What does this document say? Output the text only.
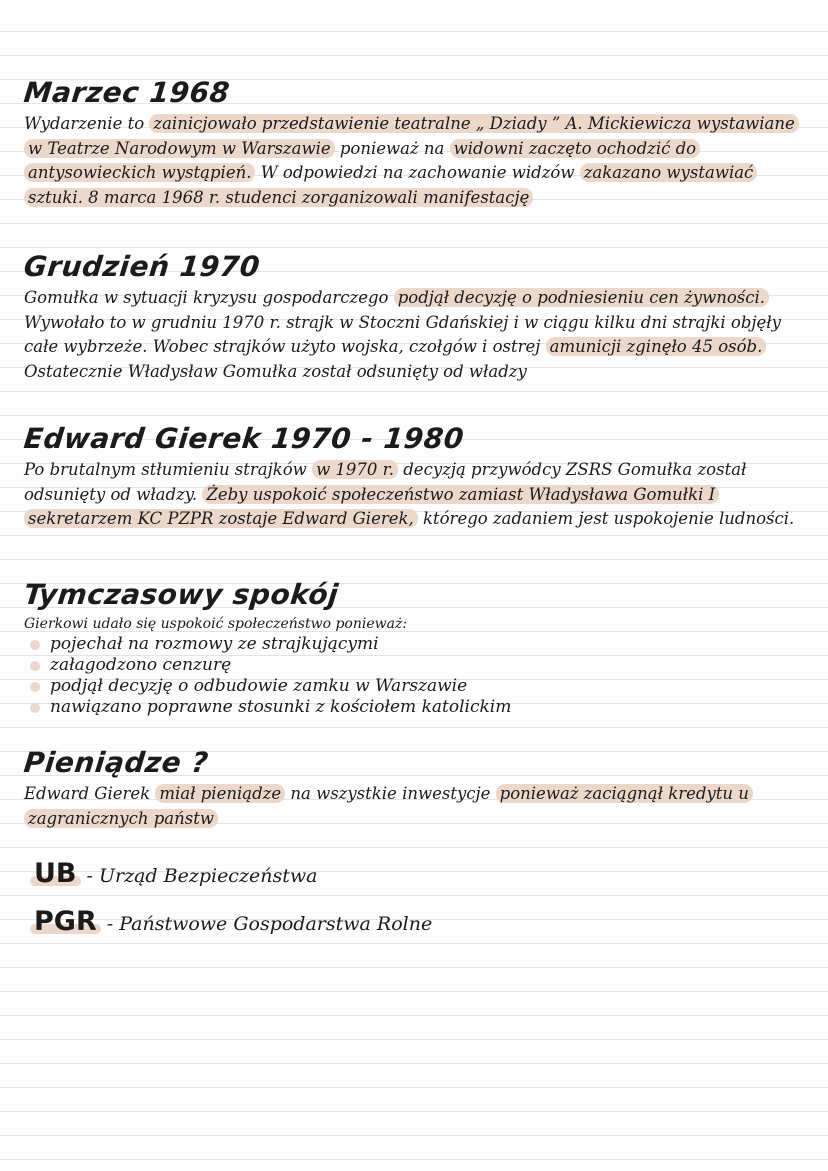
Marzec 1968

Wydarzenie to zainicjowało przedstawienie teatralne „ Dziady ” A. Mickiewicza wystawiane w Teatrze Narodowym w Warszawie ponieważ na widowni zaczęto ochodzić do antysowieckich wystąpień. W odpowiedzi na zachowanie widzów zakazano wystawiać sztuki. 8 marca 1968 r. studenci zorganizowali manifestację

Grudzień 1970

Gomułka w sytuacji kryzysu gospodarczego podjął decyzję o podniesieniu cen żywności. Wywołało to w grudniu 1970 r. strajk w Stoczni Gdańskiej i w ciągu kilku dni strajki objęły całe wybrzeże. Wobec strajków użyto wojska, czołgów i ostrej amunicji zginęło 45 osób. Ostatecznie Władysław Gomułka został odsunięty od władzy

Edward Gierek 1970 - 1980

Po brutalnym stłumieniu strajków w 1970 r. decyzją przywódcy ZSRS Gomułka został odsunięty od władzy. Żeby uspokoić społeczeństwo zamiast Władysława Gomułki I sekretarzem KC PZPR zostaje Edward Gierek, którego zadaniem jest uspokojenie ludności.

Tymczasowy spokój

Gierkowi udało się uspokoić społeczeństwo ponieważ:

pojechał na rozmowy ze strajkującymi
załagodzono cenzurę
podjął decyzję o odbudowie zamku w Warszawie
nawiązano poprawne stosunki z kościołem katolickim
Pieniądze ?

Edward Gierek miał pieniądze na wszystkie inwestycje ponieważ zaciągnął kredytu u zagranicznych państw

UB - Urząd Bezpieczeństwa
PGR - Państwowe Gospodarstwa Rolne
